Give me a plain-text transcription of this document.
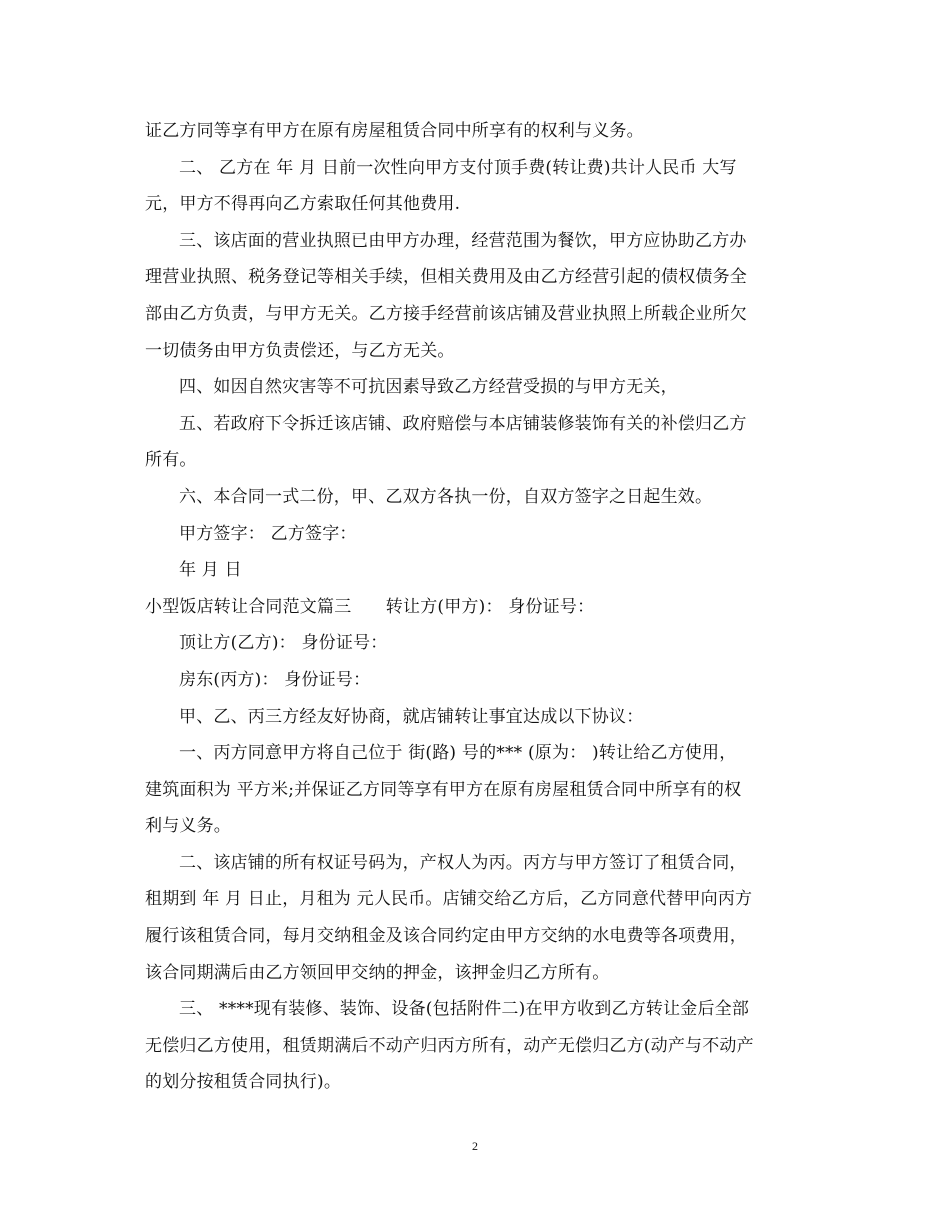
证乙方同等享有甲方在原有房屋租赁合同中所享有的权利与义务。
二、 乙方在 年 月 日前一次性向甲方支付顶手费(转让费)共计人民币 大写
元，甲方不得再向乙方索取任何其他费用.
三、该店面的营业执照已由甲方办理，经营范围为餐饮，甲方应协助乙方办
理营业执照、税务登记等相关手续，但相关费用及由乙方经营引起的债权债务全
部由乙方负责，与甲方无关。乙方接手经营前该店铺及营业执照上所载企业所欠
一切债务由甲方负责偿还，与乙方无关。
四、如因自然灾害等不可抗因素导致乙方经营受损的与甲方无关，
五、若政府下令拆迁该店铺、政府赔偿与本店铺装修装饰有关的补偿归乙方
所有。
六、本合同一式二份，甲、乙双方各执一份，自双方签字之日起生效。
甲方签字： 乙方签字：
年 月 日
小型饭店转让合同范文篇三　　转让方(甲方)： 身份证号：
顶让方(乙方)： 身份证号：
房东(丙方)： 身份证号：
甲、乙、丙三方经友好协商，就店铺转让事宜达成以下协议：
一、丙方同意甲方将自己位于 街(路) 号的*** (原为： )转让给乙方使用，
建筑面积为 平方米;并保证乙方同等享有甲方在原有房屋租赁合同中所享有的权
利与义务。
二、该店铺的所有权证号码为，产权人为丙。丙方与甲方签订了租赁合同，
租期到 年 月 日止，月租为 元人民币。店铺交给乙方后，乙方同意代替甲向丙方
履行该租赁合同，每月交纳租金及该合同约定由甲方交纳的水电费等各项费用，
该合同期满后由乙方领回甲交纳的押金，该押金归乙方所有。
三、 ****现有装修、装饰、设备(包括附件二)在甲方收到乙方转让金后全部
无偿归乙方使用，租赁期满后不动产归丙方所有，动产无偿归乙方(动产与不动产
的划分按租赁合同执行)。
2
